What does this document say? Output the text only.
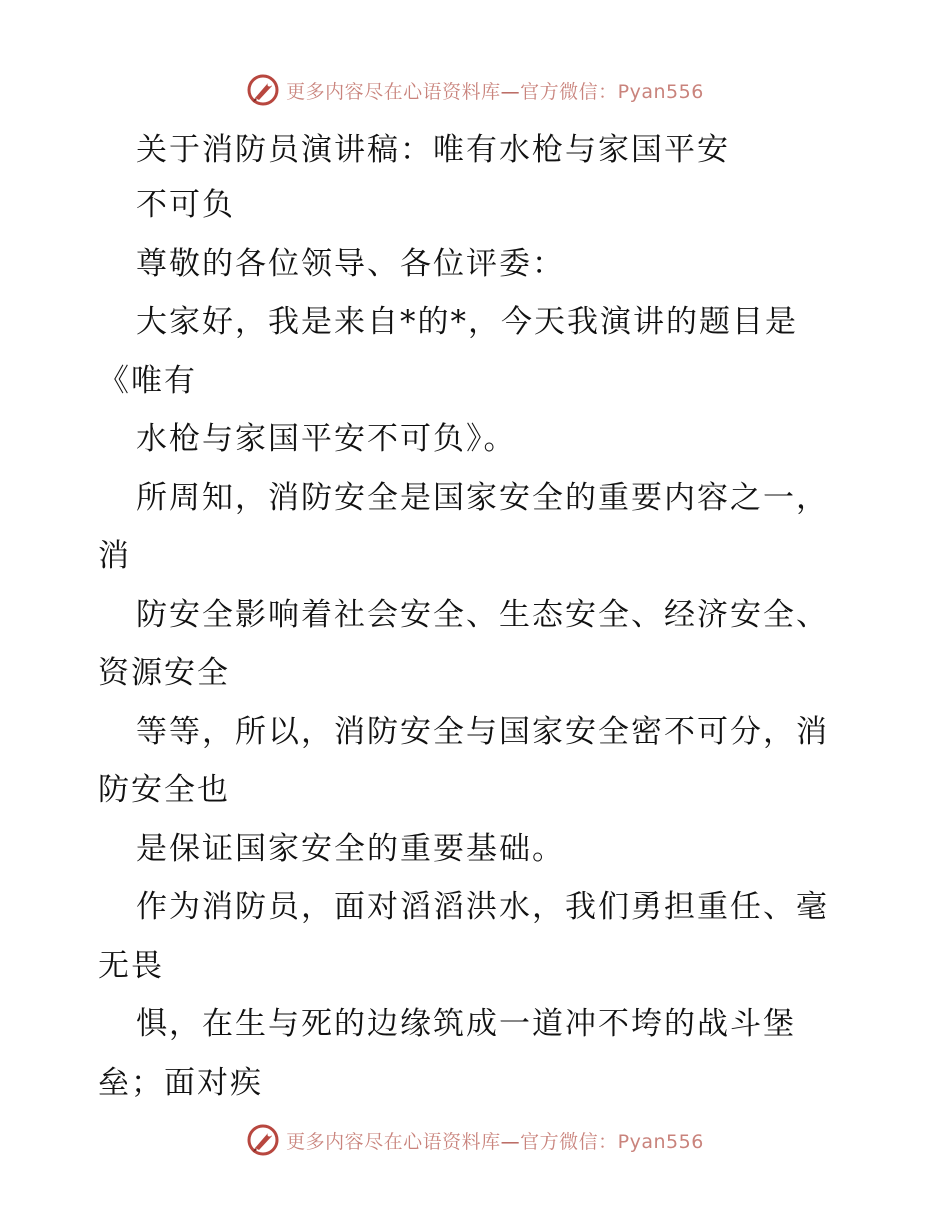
更多内容尽在心语资料库—官方微信：Pyan556
关于消防员演讲稿：唯有水枪与家国平安
不可负
尊敬的各位领导、各位评委：
大家好，我是来自*的*，今天我演讲的题目是
《唯有
水枪与家国平安不可负》。
所周知，消防安全是国家安全的重要内容之一，
消
防安全影响着社会安全、生态安全、经济安全、
资源安全
等等，所以，消防安全与国家安全密不可分，消
防安全也
是保证国家安全的重要基础。
作为消防员，面对滔滔洪水，我们勇担重任、毫
无畏
惧，在生与死的边缘筑成一道冲不垮的战斗堡
垒；面对疾
更多内容尽在心语资料库—官方微信：Pyan556
